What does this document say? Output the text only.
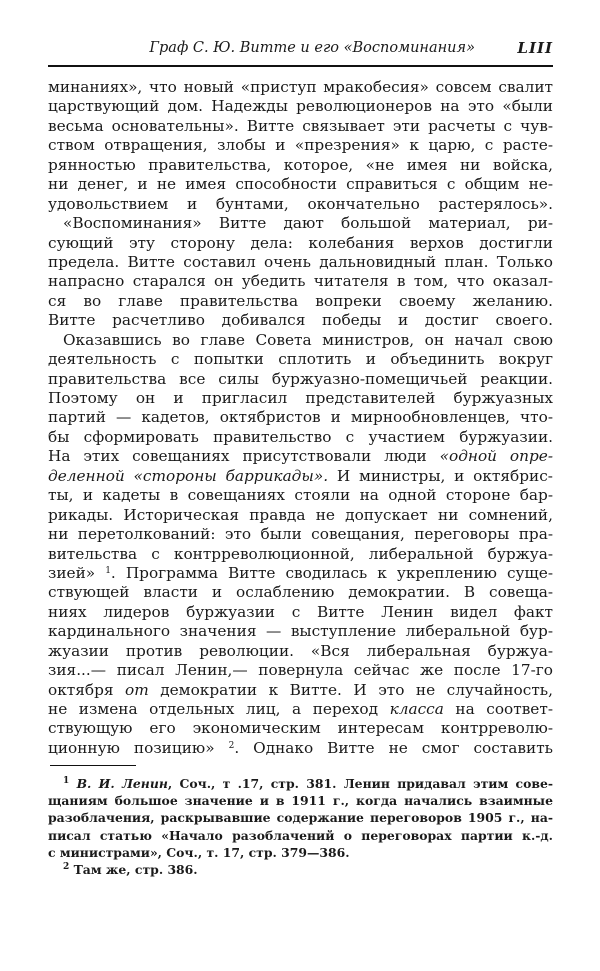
Граф С. Ю. Витте и его «Воспоминания»	LIII
минаниях», что новый «приступ мракобесия» совсем свалит
царствующий дом. Надежды революционеров на это «были
весьма основательны». Витте связывает эти расчеты с чув-
ством отвращения, злобы и «презрения» к царю, с расте-
рянностью правительства, которое, «не имея ни войска,
ни денег, и не имея способности справиться с общим не-
удовольствием и бунтами, окончательно растерялось».
«Воспоминания» Витте дают большой материал, ри-
сующий эту сторону дела: колебания верхов достигли
предела. Витте составил очень дальновидный план. Только
напрасно старался он убедить читателя в том, что оказал-
ся во главе правительства вопреки своему желанию.
Витте расчетливо добивался победы и достиг своего.
Оказавшись во главе Совета министров, он начал свою
деятельность с попытки сплотить и объединить вокруг
правительства все силы буржуазно-помещичьей реакции.
Поэтому он и пригласил представителей буржуазных
партий — кадетов, октябристов и мирнообновленцев, что-
бы сформировать правительство с участием буржуазии.
На этих совещаниях присутствовали люди «одной опре-
деленной «стороны баррикады». И министры, и октябрис-
ты, и кадеты в совещаниях стояли на одной стороне бар-
рикады. Историческая правда не допускает ни сомнений,
ни перетолкований: это были совещания, переговоры пра-
вительства с контрреволюционной, либеральной буржуа-
зией» $^1$. Программа Витте сводилась к укреплению суще-
ствующей власти и ослаблению демократии. В совеща-
ниях лидеров буржуазии с Витте Ленин видел факт
кардинального значения — выступление либеральной бур-
жуазии против революции. «Вся либеральная буржуа-
зия...— писал Ленин,— повернула сейчас же после 17-го
октября от демократии к Витте. И это не случайность,
не измена отдельных лиц, а переход класса на соответ-
ствующую его экономическим интересам контрреволю-
ционную позицию» $^2$. Однако Витте не смог составить
$^1$ В. И. Ленин, Соч., т .17, стр. 381. Ленин придавал этим сове-
щаниям большое значение и в 1911 г., когда начались взаимные
разоблачения, раскрывавшие содержание переговоров 1905 г., на-
писал статью «Начало разоблачений о переговорах партии к.-д.
с министрами», Соч., т. 17, стр. 379—386.
$^2$ Там же, стр. 386.
